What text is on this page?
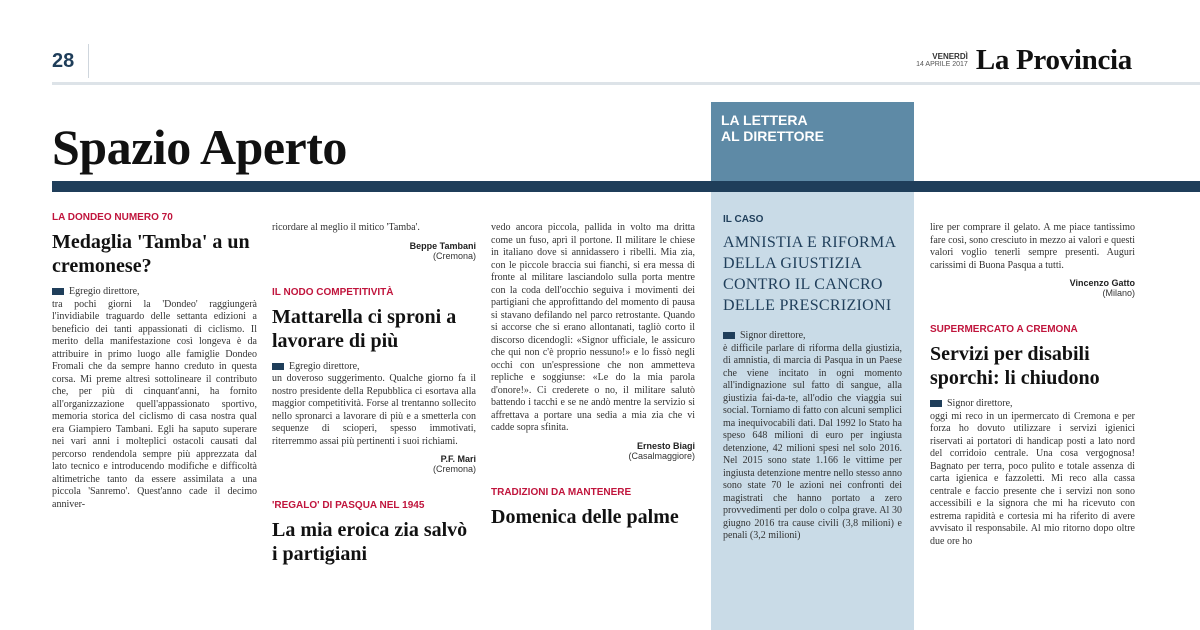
28	VENERDÌ
14 APRILE 2017 La Provincia
Spazio Aperto	LA LETTERA
AL DIRETTORE
LA DONDEO NUMERO 70
Medaglia 'Tamba' a un cremonese?
Egregio direttore,
tra pochi giorni la 'Dondeo' raggiungerà l'invidiabile traguardo delle settanta edizioni a beneficio dei tanti appassionati di ciclismo. Il merito della manifestazione così longeva è da attribuire in primo luogo alle famiglie Dondeo Fromali che da sempre hanno creduto in questa corsa. Mi preme altresì sottolineare il contributo che, per più di cinquant'anni, ha fornito all'organizzazione quell'appassionato sportivo, memoria storica del ciclismo di casa nostra qual era Giampiero Tambani. Egli ha saputo superare nei vari anni i molteplici ostacoli causati dal percorso rendendola sempre più apprezzata dal lato tecnico e introducendo modifiche e difficoltà altimetriche tanto da essere assimilata a una piccola 'Sanremo'. Quest'anno cade il decimo anniver-
ricordare al meglio il mitico 'Tamba'.
Beppe Tambani
(Cremona)
IL NODO COMPETITIVITÀ
Mattarella ci sproni a lavorare di più
Egregio direttore,
un doveroso suggerimento. Qualche giorno fa il nostro presidente della Repubblica ci esortava alla maggior competitività. Forse al trentanno sollecito nello spronarci a lavorare di più e a smetterla con sequenze di scioperi, spesso immotivati, riterremmo assai più pertinenti i suoi richiami.
P.F. Mari
(Cremona)
'REGALO' DI PASQUA NEL 1945
La mia eroica zia salvò i partigiani
vedo ancora piccola, pallida in volto ma dritta come un fuso, aprì il portone. Il militare le chiese in italiano dove si annidassero i ribelli. Mia zia, con le piccole braccia sui fianchi, si era messa di fronte al militare lasciandolo sulla porta mentre con la coda dell'occhio seguiva i movimenti dei partigiani che approfittando del momento di pausa si stavano defilando nel parco retrostante. Quando si accorse che si erano allontanati, tagliò corto il discorso dicendogli: «Signor ufficiale, le assicuro che qui non c'è proprio nessuno!» e lo fissò negli occhi con un'espressione che non ammetteva repliche e soggiunse: «Le do la mia parola d'onore!». Ci crederete o no, il militare salutò battendo i tacchi e se ne andò mentre la servizio si affrettava a portare una sedia a mia zia che vi cadde sopra sfinita.
Ernesto Biagi
(Casalmaggiore)
TRADIZIONI DA MANTENERE
Domenica delle palme
IL CASO
AMNISTIA E RIFORMA DELLA GIUSTIZIA CONTRO IL CANCRO DELLE PRESCRIZIONI
Signor direttore,
è difficile parlare di riforma della giustizia, di amnistia, di marcia di Pasqua in un Paese che viene incitato in ogni momento all'indignazione sul fatto di sangue, alla giustizia fai-da-te, all'odio che viaggia sui social. Torniamo di fatto con alcuni semplici ma inequivocabili dati. Dal 1992 lo Stato ha speso 648 milioni di euro per ingiusta detenzione, 42 milioni spesi nel solo 2016. Nel 2015 sono state 1.166 le vittime per ingiusta detenzione mentre nello stesso anno sono state 70 le azioni nei confronti dei magistrati che hanno portato a zero provvedimenti per dolo o colpa grave. Al 30 giugno 2016 tra cause civili (3,8 milioni) e penali (3,2 milioni)
lire per comprare il gelato. A me piace tantissimo fare così, sono cresciuto in mezzo ai valori e questi valori voglio tenerli sempre presenti. Auguri carissimi di Buona Pasqua a tutti.
Vincenzo Gatto
(Milano)
SUPERMERCATO A CREMONA
Servizi per disabili sporchi: li chiudono
Signor direttore,
oggi mi reco in un ipermercato di Cremona e per forza ho dovuto utilizzare i servizi igienici riservati ai portatori di handicap posti a lato nord del corridoio centrale. Una cosa vergognosa! Bagnato per terra, poco pulito e totale assenza di carta igienica e fazzoletti. Mi reco alla cassa centrale e faccio presente che i servizi non sono accessibili e la signora che mi ha ricevuto con estrema rapidità e cortesia mi ha riferito di avere avvisato il responsabile. Al mio ritorno dopo oltre due ore ho
